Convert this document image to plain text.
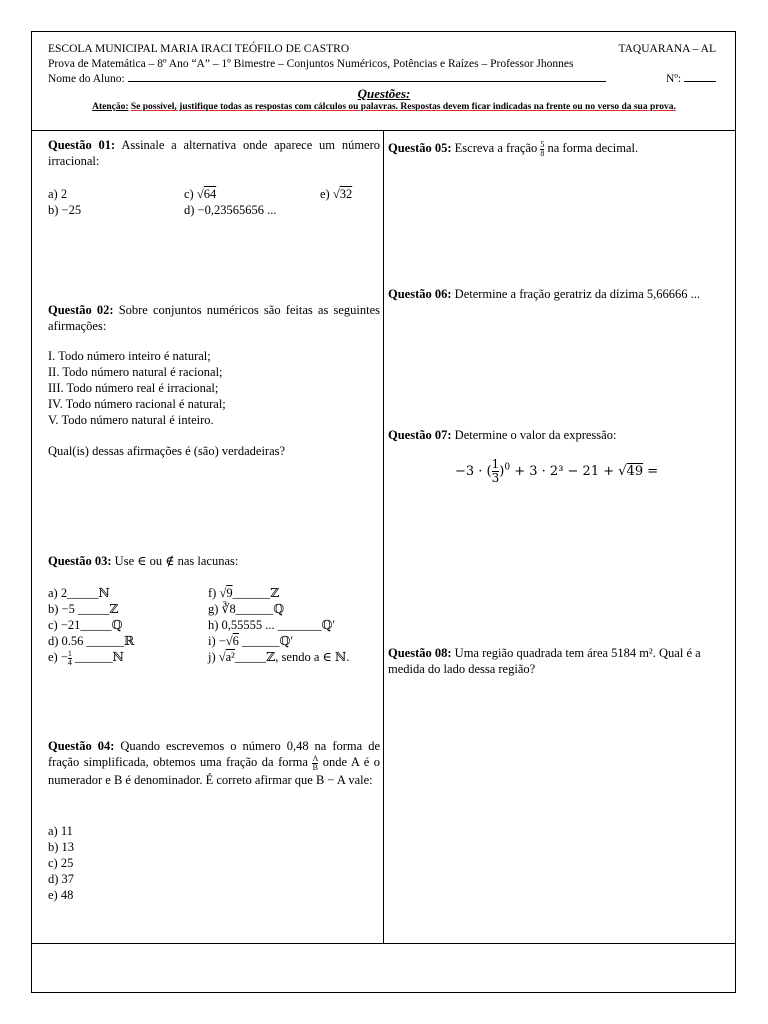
ESCOLA MUNICIPAL MARIA IRACI TEÓFILO DE CASTRO	TAQUARANA – AL
Prova de Matemática – 8º Ano “A” – 1º Bimestre – Conjuntos Numéricos, Potências e Raízes – Professor Jhonnes
Nome do Aluno:	Nº:
Questões:
Atenção: Se possível, justifique todas as respostas com cálculos ou palavras. Respostas devem ficar indicadas na frente ou no verso da sua prova.
Questão 01: Assinale a alternativa onde aparece um número irracional:
a) 2	c) √64	e) √32
b) −25	d) −0,23565656 ...
Questão 02: Sobre conjuntos numéricos são feitas as seguintes afirmações:
I. Todo número inteiro é natural;
II. Todo número natural é racional;
III. Todo número real é irracional;
IV. Todo número racional é natural;
V. Todo número natural é inteiro.
Qual(is) dessas afirmações é (são) verdadeiras?
Questão 03: Use ∈ ou ∉ nas lacunas:
a) 2_____ℕ	f) √9______ℤ
b) −5 _____ℤ	g) ∛8______ℚ
c) −21_____ℚ	h) 0,55555 ... _______ℚ′
d) 0.56 ______ℝ	i) −√6 ______ℚ′
$e) - \frac{1}{4}$ ______ℕ	j) √a²_____ℤ, sendo a ∈ ℕ.
Questão 04: Quando escrevemos o número 0,48 na forma de fração simplificada, obtemos uma fração da forma $\frac{A}{B}$ onde A é o numerador e B é denominador. É correto afirmar que B − A vale:
a) 11
b) 13
c) 25
d) 37
e) 48
Questão 05: Escreva a fração $\frac{5}{8}$ na forma decimal.
Questão 06: Determine a fração geratriz da dízima 5,66666 ...
Questão 07: Determine o valor da expressão:
−3 · ( $\frac{1}{3} )^0 + 3 \cdot 2^3 - 21 + √49$ =
Questão 08: Uma região quadrada tem área 5184 m². Qual é a medida do lado dessa região?
